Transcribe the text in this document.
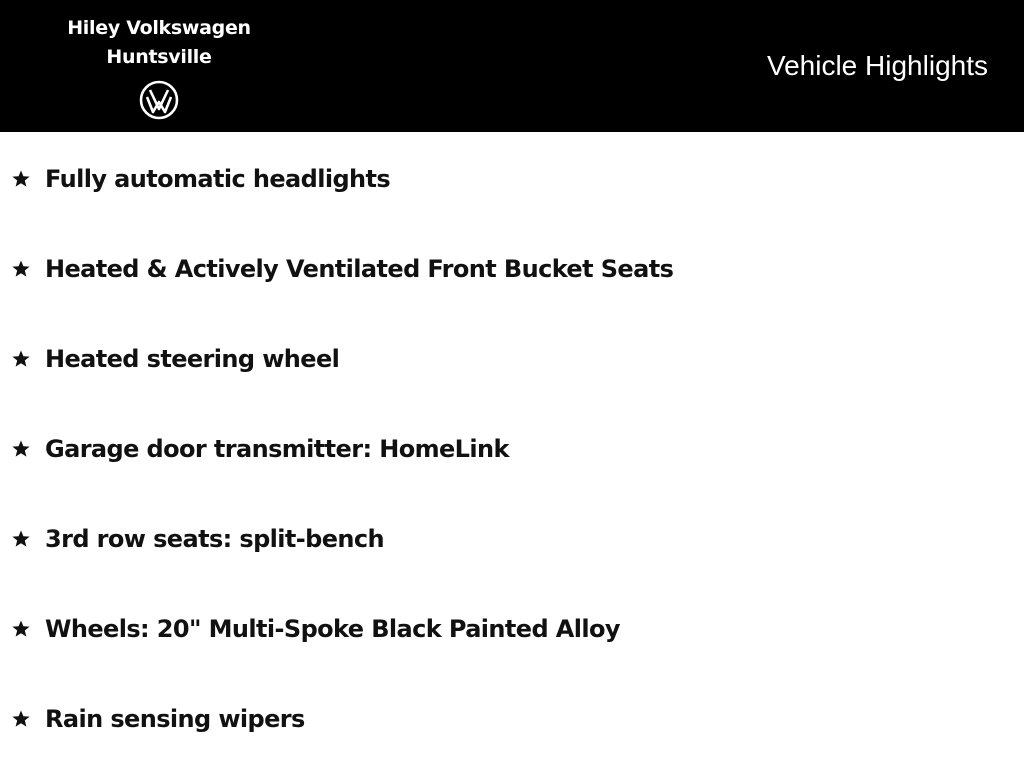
Hiley Volkswagen
Huntsville	Vehicle Highlights
Fully automatic headlights
Heated & Actively Ventilated Front Bucket Seats
Heated steering wheel
Garage door transmitter: HomeLink
3rd row seats: split-bench
Wheels: 20" Multi-Spoke Black Painted Alloy
Rain sensing wipers
